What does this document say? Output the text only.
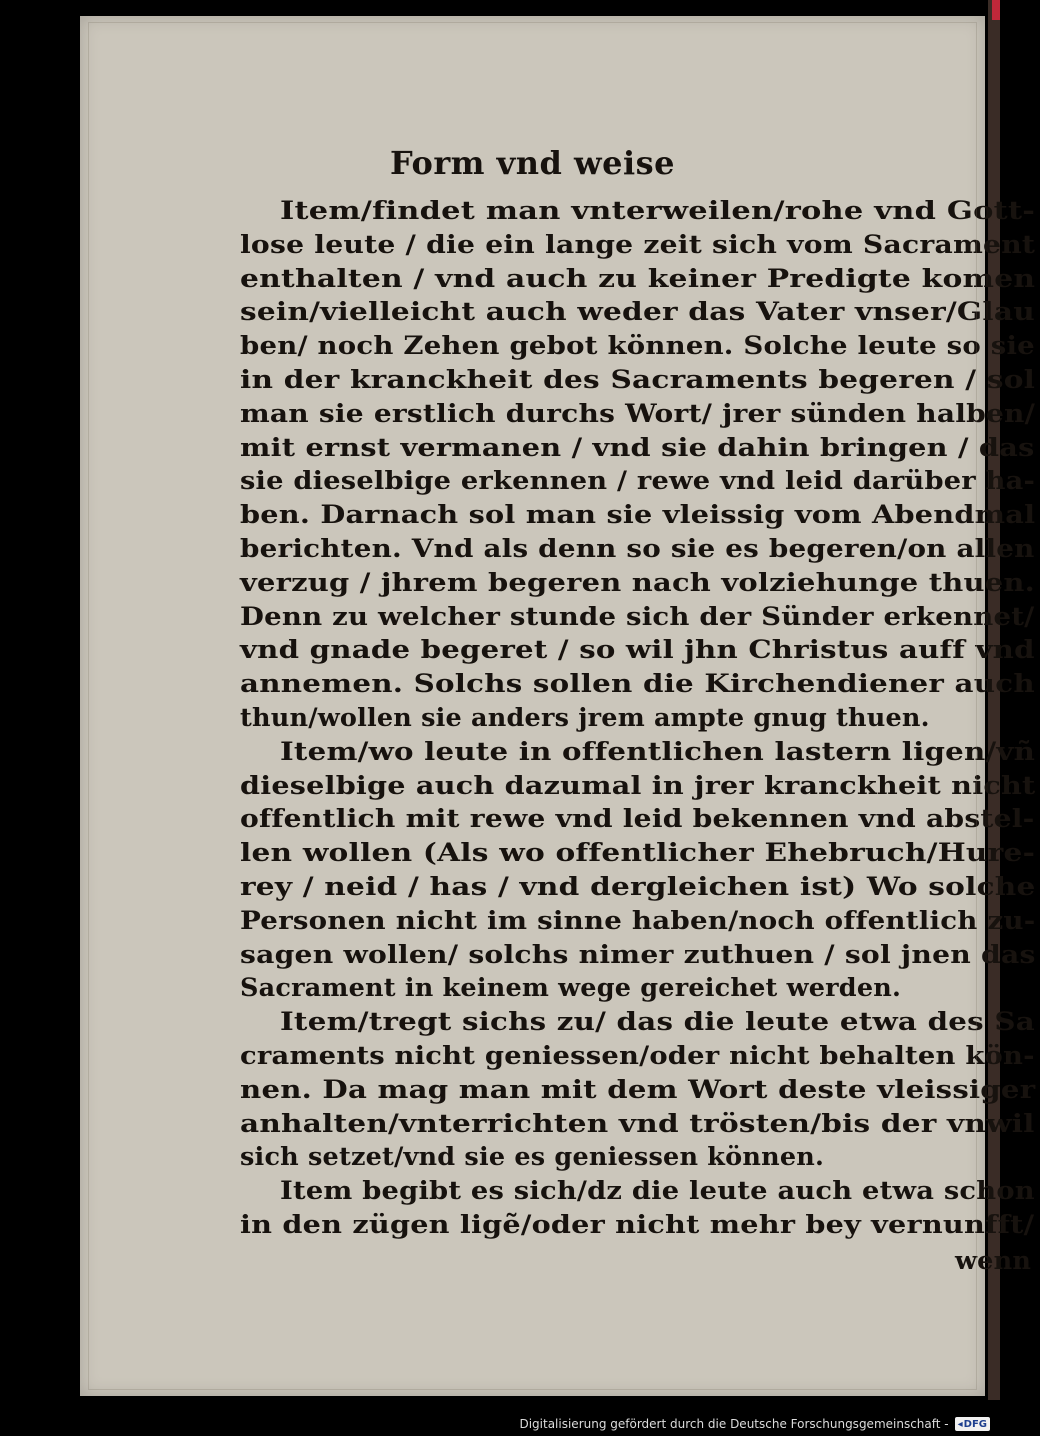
Form vnd weise
Item/findet man vnterweilen/rohe vnd Gott-
lose leute / die ein lange zeit sich vom Sacrament
enthalten / vnd auch zu keiner Predigte komen
sein/vielleicht auch weder das Vater vnser/Glau
ben/ noch Zehen gebot können. Solche leute so sie
in der kranckheit des Sacraments begeren / sol
man sie erstlich durchs Wort/ jrer sünden halben/
mit ernst vermanen / vnd sie dahin bringen / das
sie dieselbige erkennen / rewe vnd leid darüber ha-
ben. Darnach sol man sie vleissig vom Abendmal
berichten. Vnd als denn so sie es begeren/on allen
verzug / jhrem begeren nach volziehunge thuen.
Denn zu welcher stunde sich der Sünder erkennet/
vnd gnade begeret / so wil jhn Christus auff vnd
annemen. Solchs sollen die Kirchendiener auch
thun/wollen sie anders jrem ampte gnug thuen.
Item/wo leute in offentlichen lastern ligen/vñ
dieselbige auch dazumal in jrer kranckheit nicht
offentlich mit rewe vnd leid bekennen vnd abstel-
len wollen (Als wo offentlicher Ehebruch/Hure-
rey / neid / has / vnd dergleichen ist) Wo solche
Personen nicht im sinne haben/noch offentlich zu-
sagen wollen/ solchs nimer zuthuen / sol jnen das
Sacrament in keinem wege gereichet werden.
Item/tregt sichs zu/ das die leute etwa des Sa
craments nicht geniessen/oder nicht behalten kön-
nen. Da mag man mit dem Wort deste vleissiger
anhalten/vnterrichten vnd trösten/bis der vnwil
sich setzet/vnd sie es geniessen können.
Item begibt es sich/dz die leute auch etwa schon
in den zügen ligẽ/oder nicht mehr bey vernunfft/
wenn
Digitalisierung gefördert durch die Deutsche Forschungsgemeinschaft - ◂ DFG
